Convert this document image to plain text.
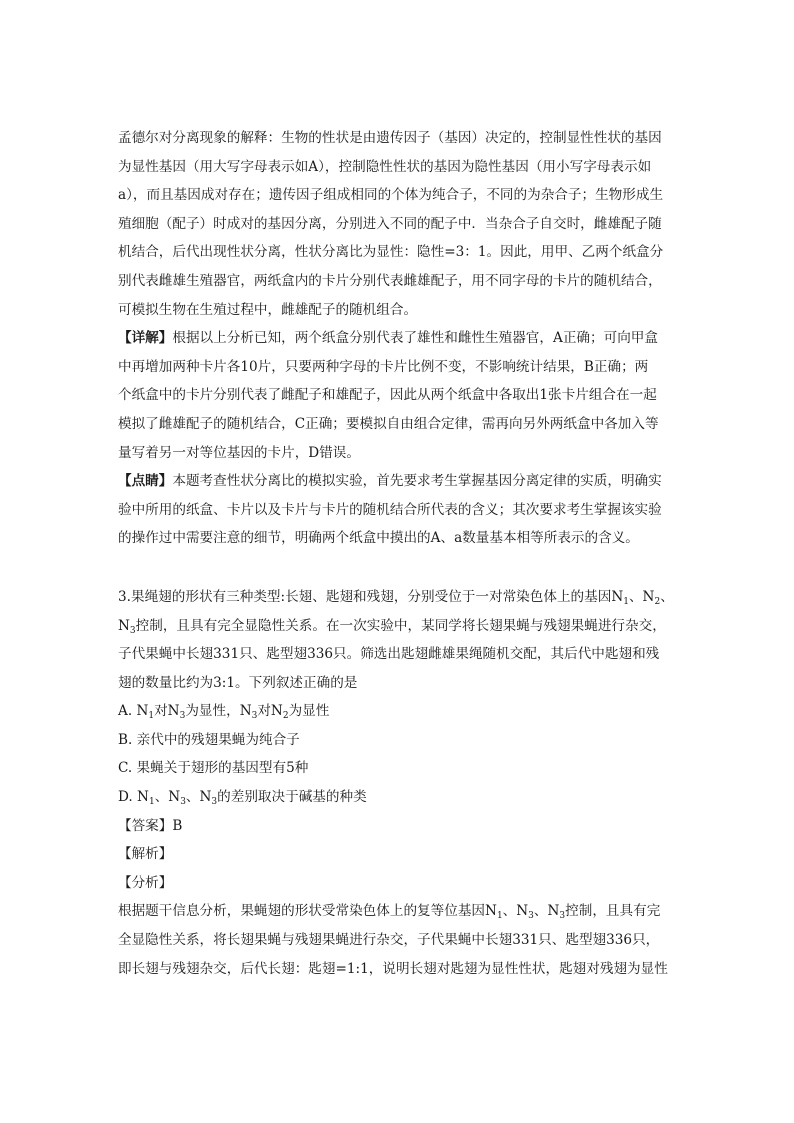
孟德尔对分离现象的解释：生物的性状是由遗传因子（基因）决定的，控制显性性状的基因
为显性基因（用大写字母表示如A），控制隐性性状的基因为隐性基因（用小写字母表示如
a），而且基因成对存在；遗传因子组成相同的个体为纯合子，不同的为杂合子；生物形成生
殖细胞（配子）时成对的基因分离，分别进入不同的配子中．当杂合子自交时，雌雄配子随
机结合，后代出现性状分离，性状分离比为显性：隐性=3：1。因此，用甲、乙两个纸盒分
别代表雌雄生殖器官，两纸盒内的卡片分别代表雌雄配子，用不同字母的卡片的随机结合，
可模拟生物在生殖过程中，雌雄配子的随机组合。
【详解】根据以上分析已知，两个纸盒分别代表了雄性和雌性生殖器官，A正确；可向甲盒
中再增加两种卡片各10片，只要两种字母的卡片比例不变，不影响统计结果，B正确；两
个纸盒中的卡片分别代表了雌配子和雄配子，因此从两个纸盒中各取出1张卡片组合在一起
模拟了雌雄配子的随机结合，C正确；要模拟自由组合定律，需再向另外两纸盒中各加入等
量写着另一对等位基因的卡片，D错误。
【点睛】本题考查性状分离比的模拟实验，首先要求考生掌握基因分离定律的实质，明确实
验中所用的纸盒、卡片以及卡片与卡片的随机结合所代表的含义；其次要求考生掌握该实验
的操作过中需要注意的细节，明确两个纸盒中摸出的A、a数量基本相等所表示的含义。
3.果绳翅的形状有三种类型:长翅、匙翅和残翅，分别受位于一对常染色体上的基因$N_1$、$N_2$、
$N_3$控制，且具有完全显隐性关系。在一次实验中，某同学将长翅果蝇与残翅果蝇进行杂交，
子代果蝇中长翅331只、匙型翅336只。筛选出匙翅雌雄果绳随机交配，其后代中匙翅和残
翅的数量比约为3:1。下列叙述正确的是
A. $N_1$对$N_3$为显性，$N_3$对$N_2$为显性
B. 亲代中的残翅果蝇为纯合子
C. 果蝇关于翅形的基因型有5种
D. $N_1$、$N_3$、$N_3$的差别取决于碱基的种类
【答案】B
【解析】
【分析】
根据题干信息分析，果蝇翅的形状受常染色体上的复等位基因$N_1$、$N_3$、$N_3$控制，且具有完
全显隐性关系，将长翅果蝇与残翅果蝇进行杂交，子代果蝇中长翅331只、匙型翅336只，
即长翅与残翅杂交，后代长翅：匙翅=1:1，说明长翅对匙翅为显性性状，匙翅对残翅为显性
